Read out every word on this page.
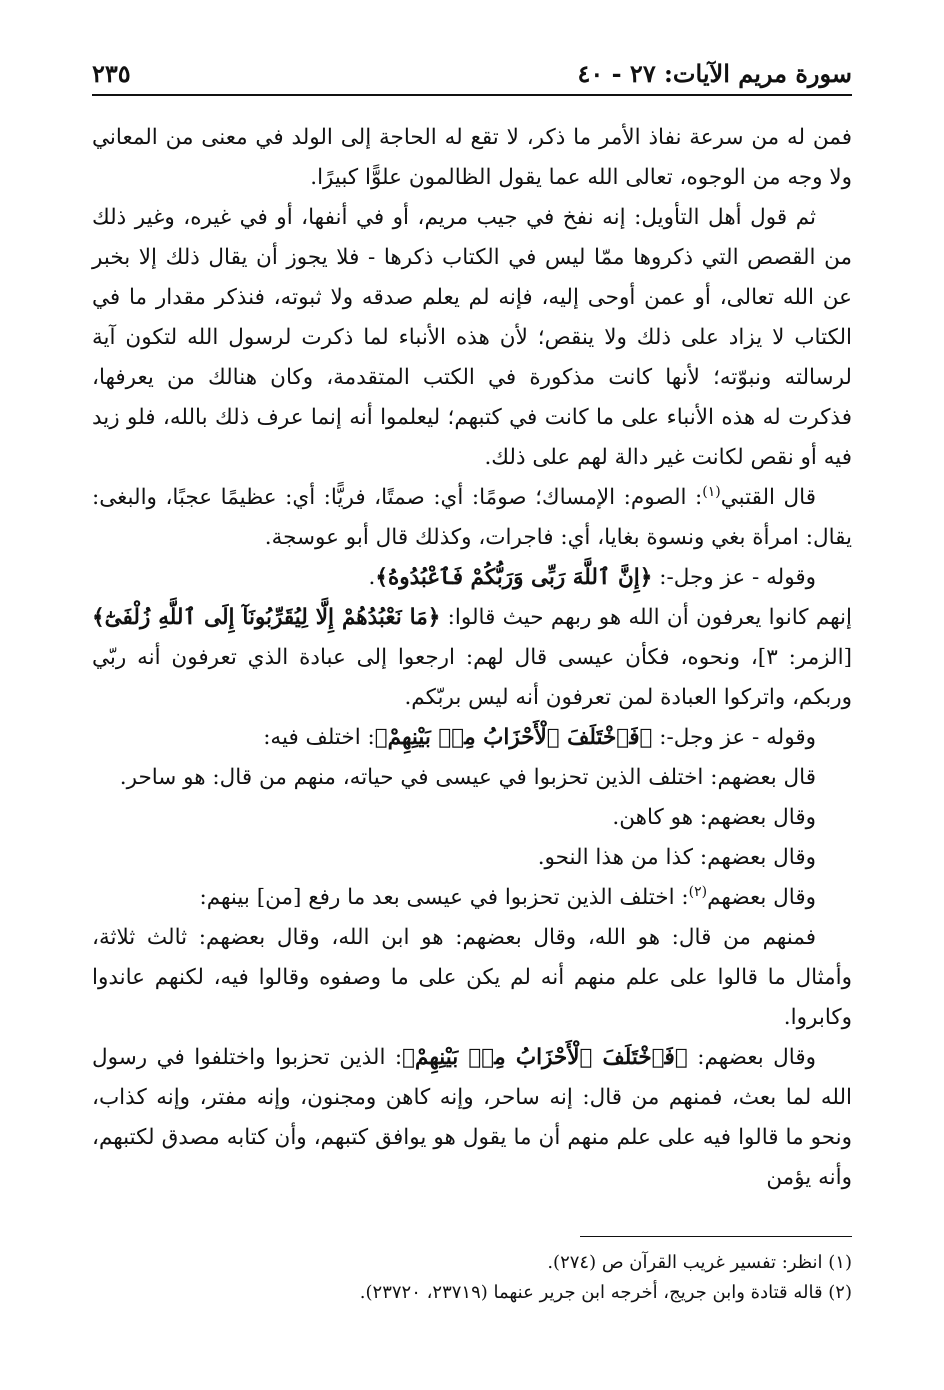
سورة مريم الآيات: ٢٧ - ٤٠
٢٣٥

فمن له من سرعة نفاذ الأمر ما ذكر، لا تقع له الحاجة إلى الولد في معنى من المعاني ولا وجه من الوجوه، تعالى الله عما يقول الظالمون علوًّا كبيرًا.

ثم قول أهل التأويل: إنه نفخ في جيب مريم، أو في أنفها، أو في غيره، وغير ذلك من القصص التي ذكروها ممّا ليس في الكتاب ذكرها - فلا يجوز أن يقال ذلك إلا بخبر عن الله تعالى، أو عمن أوحى إليه، فإنه لم يعلم صدقه ولا ثبوته، فنذكر مقدار ما في الكتاب لا يزاد على ذلك ولا ينقص؛ لأن هذه الأنباء لما ذكرت لرسول الله لتكون آية لرسالته ونبوّته؛ لأنها كانت مذكورة في الكتب المتقدمة، وكان هنالك من يعرفها، فذكرت له هذه الأنباء على ما كانت في كتبهم؛ ليعلموا أنه إنما عرف ذلك بالله، فلو زيد فيه أو نقص لكانت غير دالة لهم على ذلك.

قال القتبي$^{(١)}$: الصوم: الإمساك؛ صومًا: أي: صمتًا، فريًّا: أي: عظيمًا عجبًا، والبغى: يقال: امرأة بغي ونسوة بغايا، أي: فاجرات، وكذلك قال أبو عوسجة.

وقوله - عز وجل-: ﴿إِنَّ ٱللَّهَ رَبِّى وَرَبُّكُمْ فَٱعْبُدُوهُ﴾.

إنهم كانوا يعرفون أن الله هو ربهم حيث قالوا: ﴿مَا نَعْبُدُهُمْ إِلَّا لِيُقَرِّبُونَآ إِلَى ٱللَّهِ زُلْفَىٰٓ﴾ [الزمر: ٣]، ونحوه، فكأن عيسى قال لهم: ارجعوا إلى عبادة الذي تعرفون أنه ربّي وربكم، واتركوا العبادة لمن تعرفون أنه ليس بربّكم.

وقوله - عز وجل-: ﴿فَٱخْتَلَفَ ٱلْأَحْزَابُ مِنۢ بَيْنِهِمْ﴾: اختلف فيه:

قال بعضهم: اختلف الذين تحزبوا في عيسى في حياته، منهم من قال: هو ساحر.

وقال بعضهم: هو كاهن.

وقال بعضهم: كذا من هذا النحو.

وقال بعضهم$^{(٢)}$: اختلف الذين تحزبوا في عيسى بعد ما رفع [من] بينهم:

فمنهم من قال: هو الله، وقال بعضهم: هو ابن الله، وقال بعضهم: ثالث ثلاثة، وأمثال ما قالوا على علم منهم أنه لم يكن على ما وصفوه وقالوا فيه، لكنهم عاندوا وكابروا.

وقال بعضهم: ﴿فَٱخْتَلَفَ ٱلْأَحْزَابُ مِنۢ بَيْنِهِمْ﴾: الذين تحزبوا واختلفوا في رسول الله لما بعث، فمنهم من قال: إنه ساحر، وإنه كاهن ومجنون، وإنه مفتر، وإنه كذاب، ونحو ما قالوا فيه على علم منهم أن ما يقول هو يوافق كتبهم، وأن كتابه مصدق لكتبهم، وأنه يؤمن

(١) انظر: تفسير غريب القرآن ص (٢٧٤).

(٢) قاله قتادة وابن جريج، أخرجه ابن جرير عنهما (٢٣٧١٩، ٢٣٧٢٠).
